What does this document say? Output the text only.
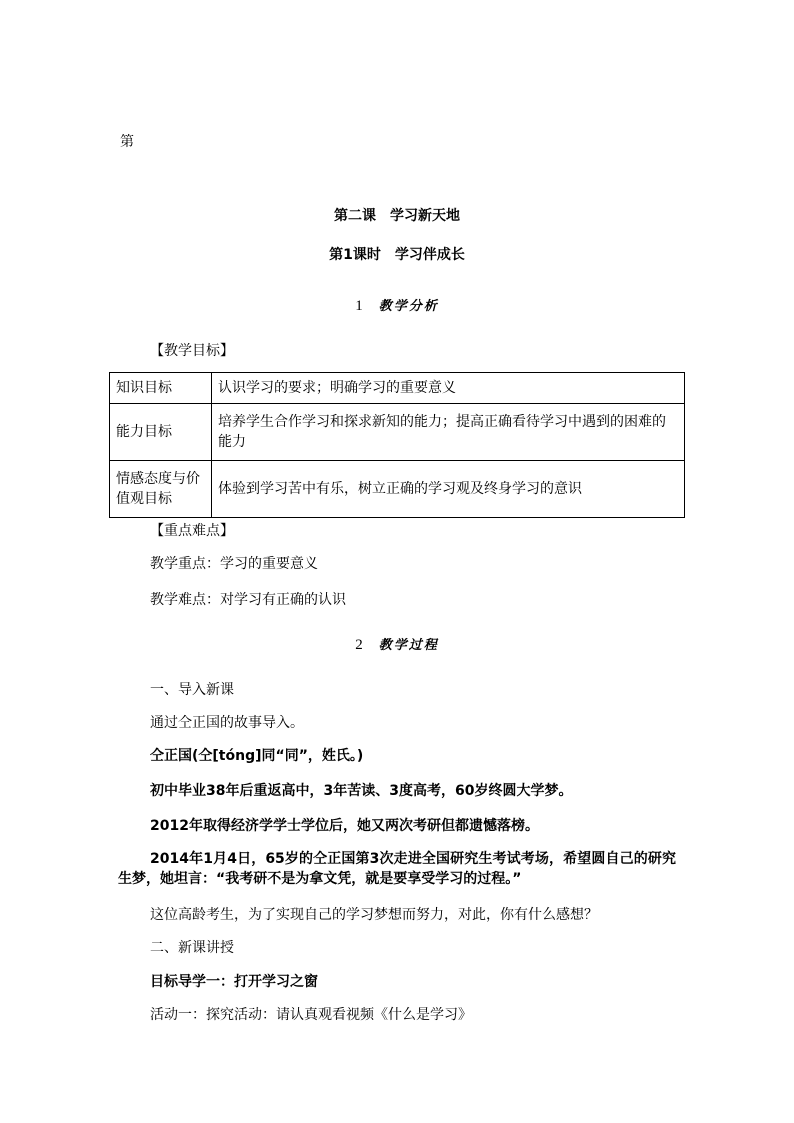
第
第二课　学习新天地
第1课时　学习伴成长
1 教学分析
【教学目标】
知识目标	认识学习的要求；明确学习的重要意义
能力目标	培养学生合作学习和探求新知的能力；提高正确看待学习中遇到的困难的能力
情感态度与价值观目标	体验到学习苦中有乐，树立正确的学习观及终身学习的意识
【重点难点】
教学重点：学习的重要意义
教学难点：对学习有正确的认识
2 教学过程
一、导入新课
通过仝正国的故事导入。
仝正国(仝[tóng]同“同”，姓氏。)
初中毕业38年后重返高中，3年苦读、3度高考，60岁终圆大学梦。
2012年取得经济学学士学位后，她又两次考研但都遗憾落榜。
2014年1月4日，65岁的仝正国第3次走进全国研究生考试考场，希望圆自己的研究生梦，她坦言：“我考研不是为拿文凭，就是要享受学习的过程。”
这位高龄考生，为了实现自己的学习梦想而努力，对此，你有什么感想？
二、新课讲授
目标导学一：打开学习之窗
活动一：探究活动：请认真观看视频《什么是学习》
